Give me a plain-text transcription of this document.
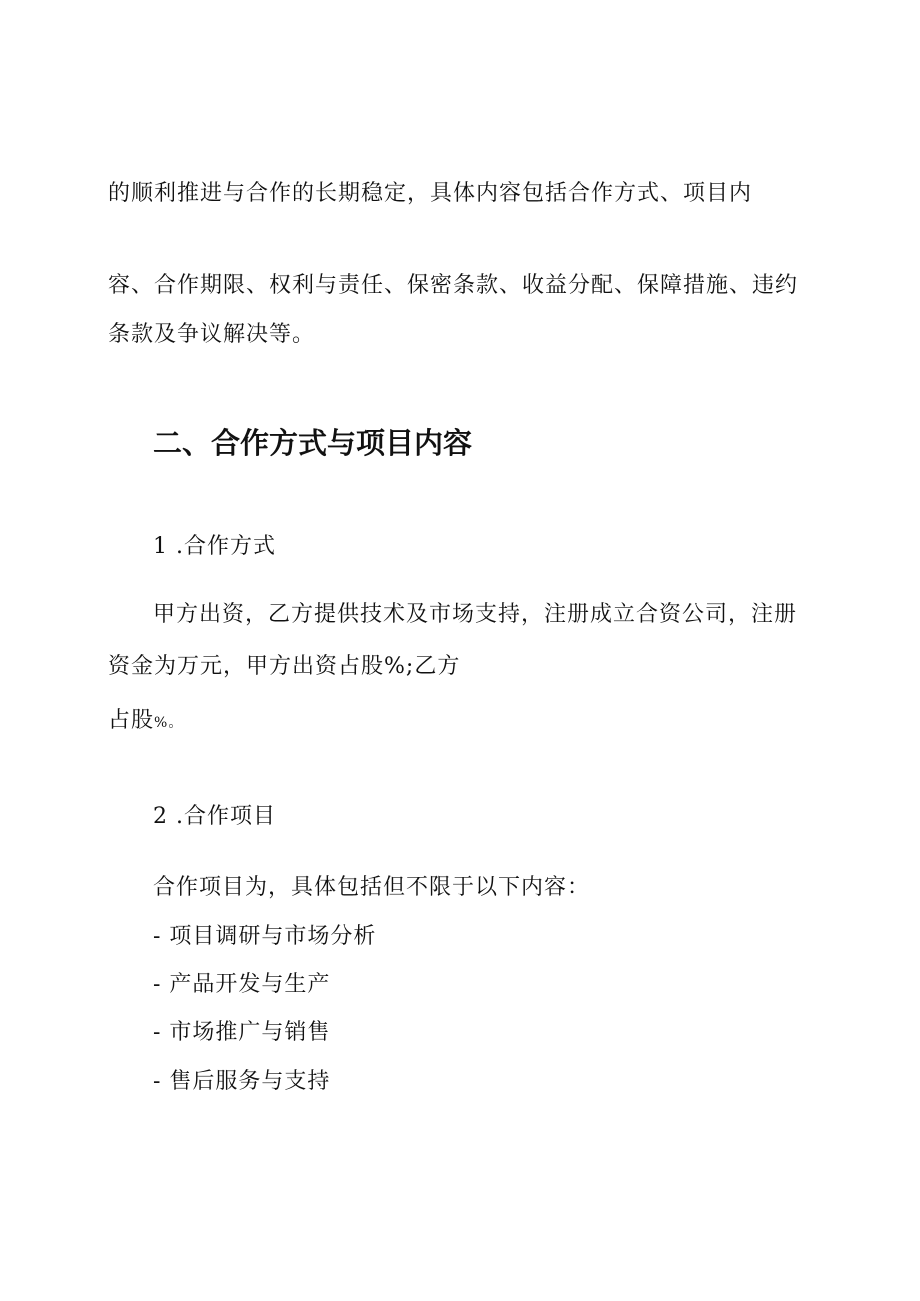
的顺利推进与合作的长期稳定，具体内容包括合作方式、项目内
容、合作期限、权利与责任、保密条款、收益分配、保障措施、违约
条款及争议解决等。
二、合作方式与项目内容
1 .合作方式
甲方出资，乙方提供技术及市场支持，注册成立合资公司，注册
资金为万元，甲方出资占股%;乙方
占股%。
2 .合作项目
合作项目为，具体包括但不限于以下内容：
- 项目调研与市场分析
- 产品开发与生产
- 市场推广与销售
- 售后服务与支持
